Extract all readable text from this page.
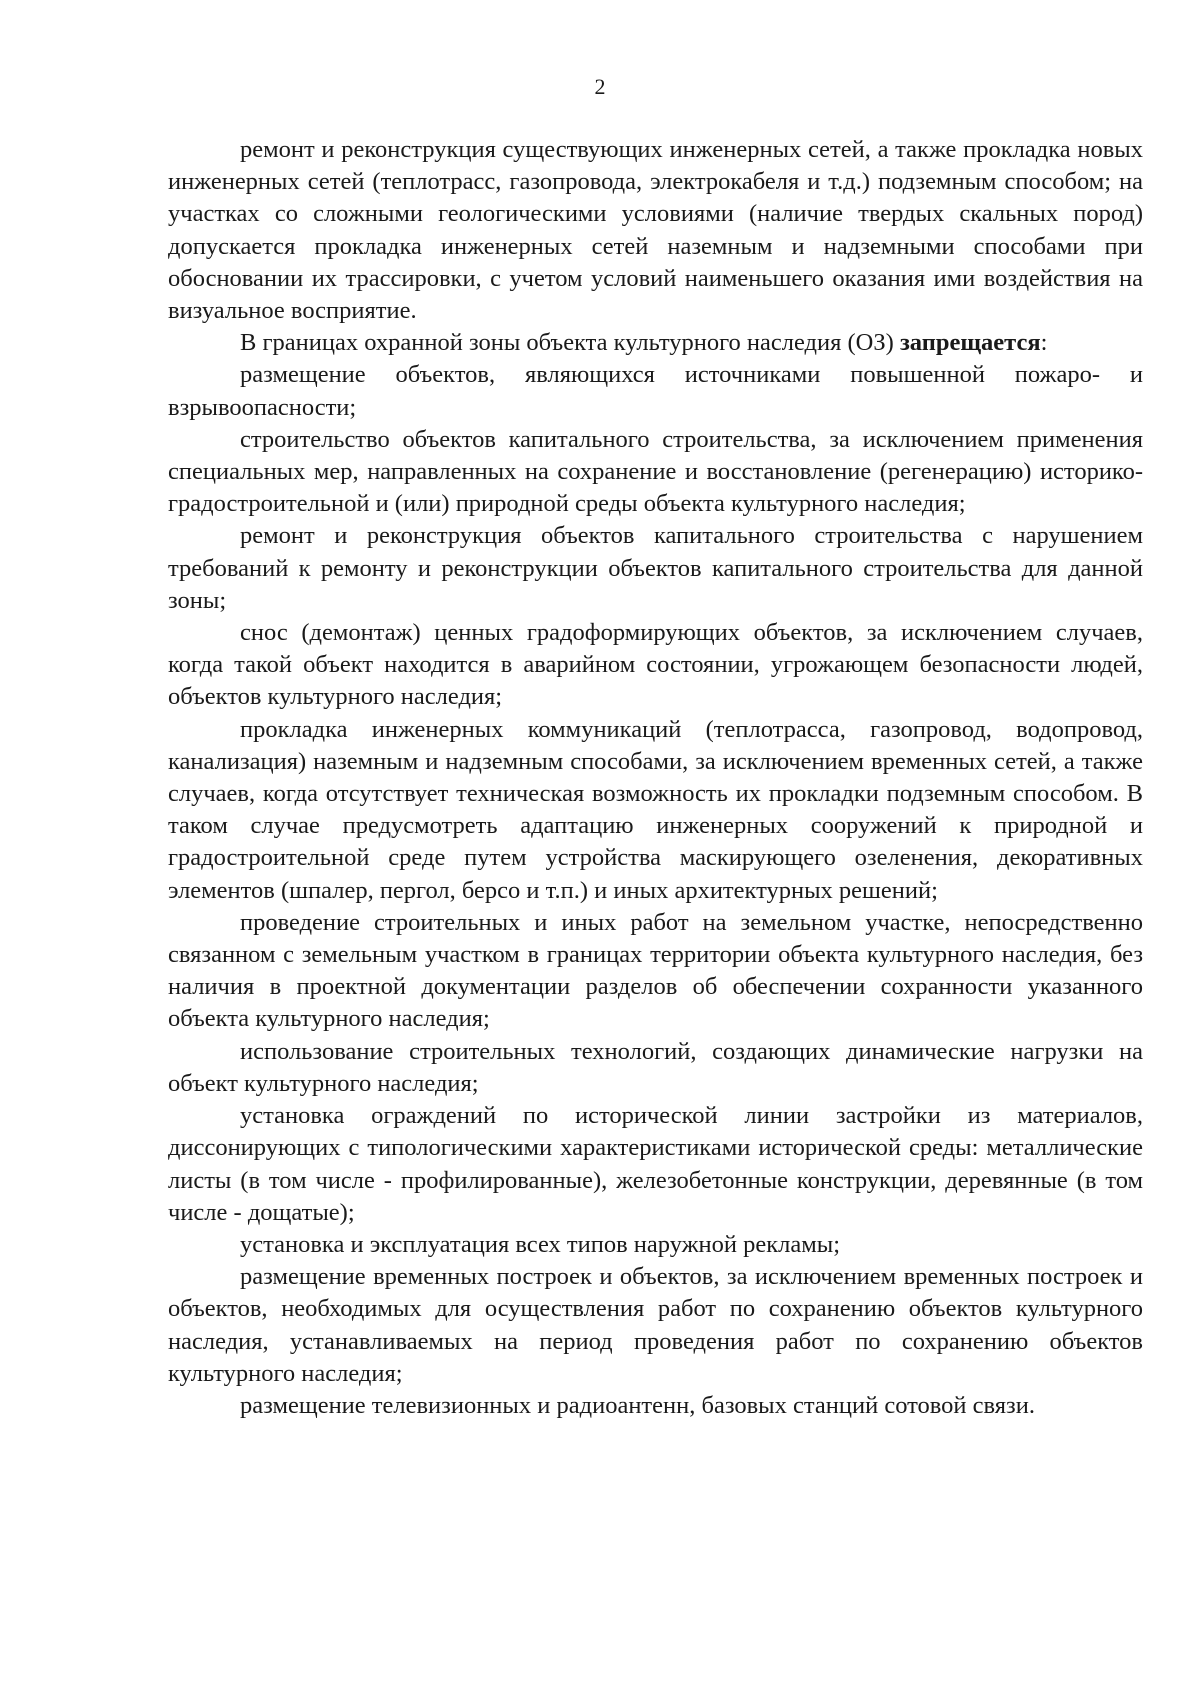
2

ремонт и реконструкция существующих инженерных сетей, а также прокладка новых инженерных сетей (теплотрасс, газопровода, электрокабеля и т.д.) подземным способом; на участках со сложными геологическими условиями (наличие твердых скальных пород) допускается прокладка инженерных сетей наземным и надземными способами при обосновании их трассировки, с учетом условий наименьшего оказания ими воздействия на визуальное восприятие.

В границах охранной зоны объекта культурного наследия (ОЗ) запрещается:

размещение объектов, являющихся источниками повышенной пожаро- и взрывоопасности;

строительство объектов капитального строительства, за исключением применения специальных мер, направленных на сохранение и восстановление (регенерацию) историко-градостроительной и (или) природной среды объекта культурного наследия;

ремонт и реконструкция объектов капитального строительства с нарушением требований к ремонту и реконструкции объектов капитального строительства для данной зоны;

снос (демонтаж) ценных градоформирующих объектов, за исключением случаев, когда такой объект находится в аварийном состоянии, угрожающем безопасности людей, объектов культурного наследия;

прокладка инженерных коммуникаций (теплотрасса, газопровод, водопровод, канализация) наземным и надземным способами, за исключением временных сетей, а также случаев, когда отсутствует техническая возможность их прокладки подземным способом. В таком случае предусмотреть адаптацию инженерных сооружений к природной и градостроительной среде путем устройства маскирующего озеленения, декоративных элементов (шпалер, пергол, берсо и т.п.) и иных архитектурных решений;

проведение строительных и иных работ на земельном участке, непосредственно связанном с земельным участком в границах территории объекта культурного наследия, без наличия в проектной документации разделов об обеспечении сохранности указанного объекта культурного наследия;

использование строительных технологий, создающих динамические нагрузки на объект культурного наследия;

установка ограждений по исторической линии застройки из материалов, диссонирующих с типологическими характеристиками исторической среды: металлические листы (в том числе - профилированные), железобетонные конструкции, деревянные (в том числе - дощатые);

установка и эксплуатация всех типов наружной рекламы;

размещение временных построек и объектов, за исключением временных построек и объектов, необходимых для осуществления работ по сохранению объектов культурного наследия, устанавливаемых на период проведения работ по сохранению объектов культурного наследия;

размещение телевизионных и радиоантенн, базовых станций сотовой связи.
